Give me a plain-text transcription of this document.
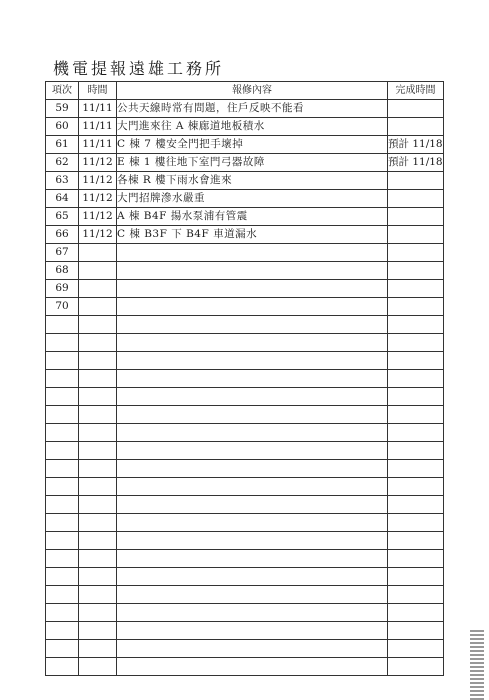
機電提報遠雄工務所
項次	時間	報修內容	完成時間
59	11/11	公共天線時常有問題，住戶反映不能看	
60	11/11	大門進來往 A 棟廊道地板積水	
61	11/11	C 棟 7 樓安全門把手壞掉	預計 11/18
62	11/12	E 棟 1 樓往地下室門弓器故障	預計 11/18
63	11/12	各棟 R 樓下雨水會進來	
64	11/12	大門招牌滲水嚴重	
65	11/12	A 棟 B4F 揚水泵浦有管震	
66	11/12	C 棟 B3F 下 B4F 車道漏水	
67			
68			
69			
70			
